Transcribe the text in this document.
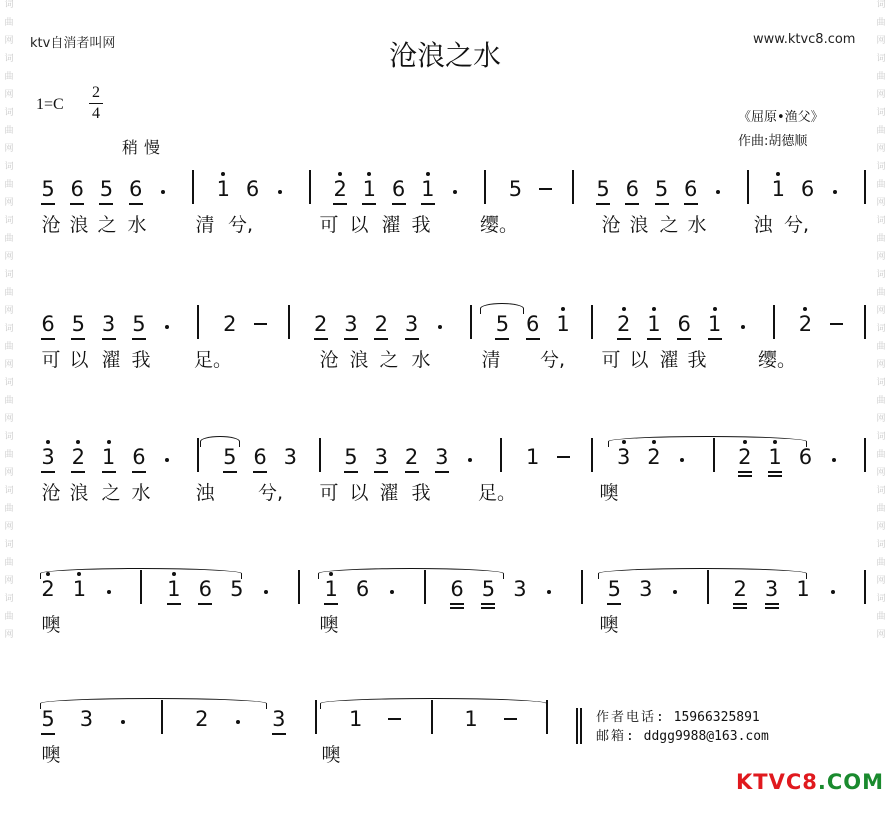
词
曲
网
词
曲
网
词
曲
网
词
曲
网
词
曲
网
词
曲
网
词
曲
网
词
曲
网
词
曲
网
词
曲
网
词
曲
网
词
曲
网
词
曲
网
词
曲
网
词
曲
网
词
曲
网
词
曲
网
词
曲
网
词
曲
网
词
曲
网
词
曲
网
词
曲
网
词
曲
网
词
曲
网
ktv自消者叫网	www.ktvc8.com
沧浪之水
1=C
2
4
稍慢
《屈原•渔父》
作曲:胡德顺
5 6 5 6	1 6	2 1 6 1	5	5 6 5 6	1 6
沧 浪 之 水	清 兮,	可 以 濯 我	缨。	沧 浪 之 水 浊 兮,
6 5 3 5	2	2 3 2 3	5 6 1 2 1 6 1	2
可 以 濯 我 足。	沧 浪 之 水	清 兮, 可 以 濯 我	缨。
3 2 1 6	5 6 3 5 3 2 3	1	3 2	2 1 6
沧 浪 之 水 浊 兮, 可 以 濯 我	足。	噢
2 1	1 6 5	1 6	6 5 3	5 3	2 3 1
噢	噢	噢
5 3	2	3	1	1
噢	噢
作者电话: 15966325891
邮箱: ddgg9988@163.com
KTVC8.COM
